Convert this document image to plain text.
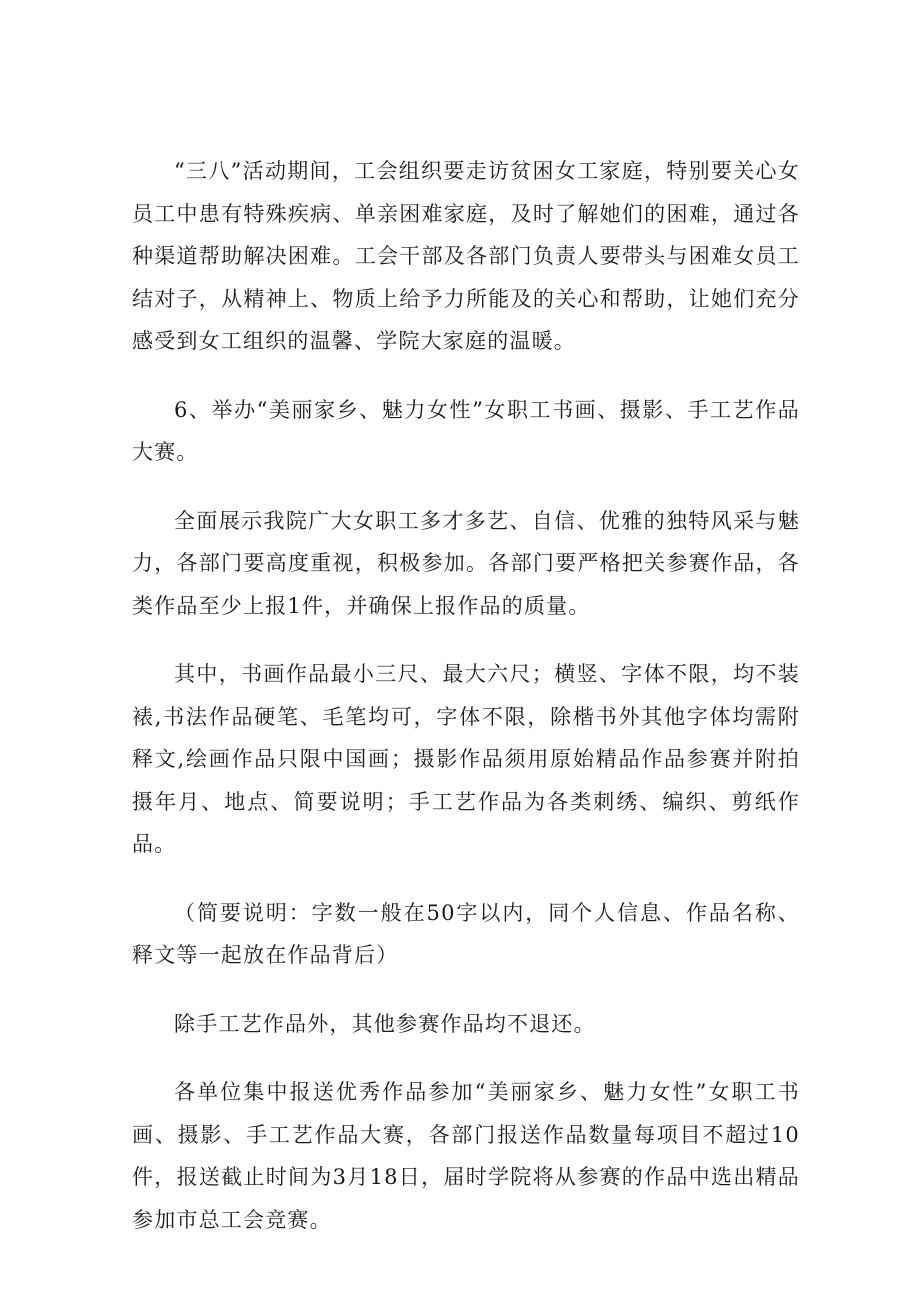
“三八”活动期间，工会组织要走访贫困女工家庭，特别要关心女员工中患有特殊疾病、单亲困难家庭，及时了解她们的困难，通过各种渠道帮助解决困难。工会干部及各部门负责人要带头与困难女员工结对子，从精神上、物质上给予力所能及的关心和帮助，让她们充分感受到女工组织的温馨、学院大家庭的温暖。

6、举办“美丽家乡、魅力女性”女职工书画、摄影、手工艺作品大赛。

全面展示我院广大女职工多才多艺、自信、优雅的独特风采与魅力，各部门要高度重视，积极参加。各部门要严格把关参赛作品，各类作品至少上报1件，并确保上报作品的质量。

其中，书画作品最小三尺、最大六尺；横竖、字体不限，均不装裱,书法作品硬笔、毛笔均可，字体不限，除楷书外其他字体均需附释文,绘画作品只限中国画；摄影作品须用原始精品作品参赛并附拍摄年月、地点、简要说明；手工艺作品为各类刺绣、编织、剪纸作品。

（简要说明：字数一般在50字以内，同个人信息、作品名称、释文等一起放在作品背后）

除手工艺作品外，其他参赛作品均不退还。

各单位集中报送优秀作品参加“美丽家乡、魅力女性”女职工书画、摄影、手工艺作品大赛，各部门报送作品数量每项目不超过10件，报送截止时间为3月18日，届时学院将从参赛的作品中选出精品参加市总工会竞赛。
